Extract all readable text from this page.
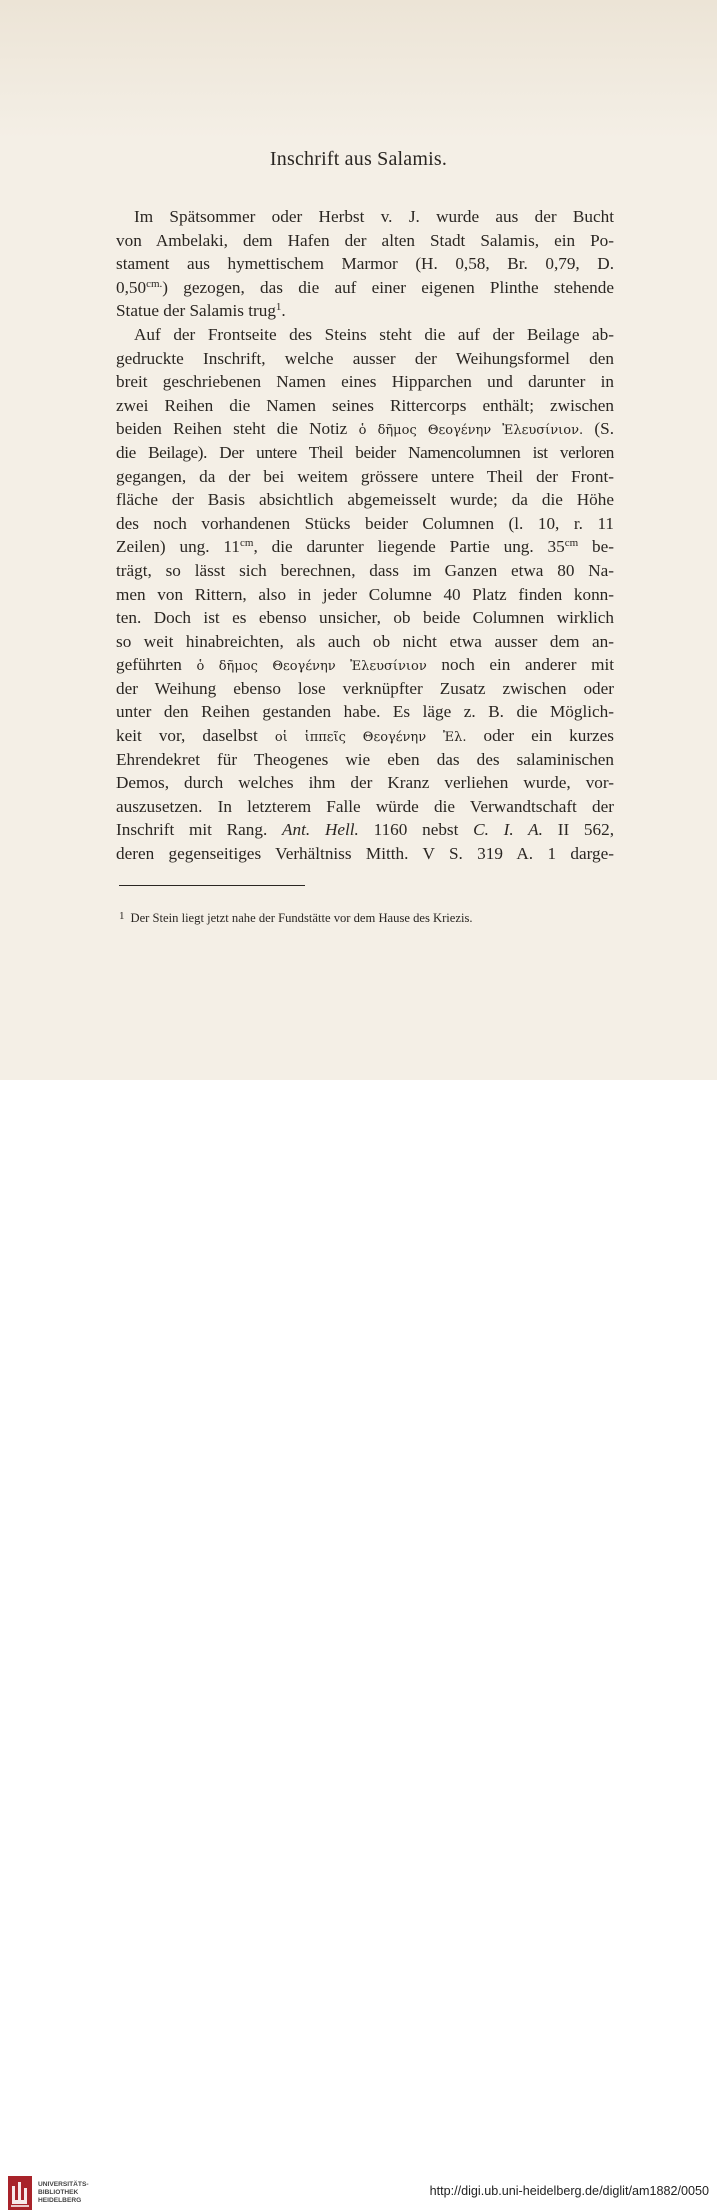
Inschrift aus Salamis.
Im Spätsommer oder Herbst v. J. wurde aus der Bucht
von Ambelaki, dem Hafen der alten Stadt Salamis, ein Po-
stament aus hymettischem Marmor (H. 0,58, Br. 0,79, D.
$0,50^{cm.}$) gezogen, das die auf einer eigenen Plinthe stehende
Statue der Salamis trug$^1$.
Auf der Frontseite des Steins steht die auf der Beilage ab-
gedruckte Inschrift, welche ausser der Weihungsformel den
breit geschriebenen Namen eines Hipparchen und darunter in
zwei Reihen die Namen seines Rittercorps enthält; zwischen
beiden Reihen steht die Notiz ὁ δῆμος Θεογένην Ἐλευσίνιον. (S.
die Beilage). Der untere Theil beider Namencolumnen ist verloren
gegangen, da der bei weitem grössere untere Theil der Front-
fläche der Basis absichtlich abgemeisselt wurde; da die Höhe
des noch vorhandenen Stücks beider Columnen (l. 10, r. 11
Zeilen) ung. $11^{cm}$, die darunter liegende Partie ung. $35^{cm}$ be-
trägt, so lässt sich berechnen, dass im Ganzen etwa 80 Na-
men von Rittern, also in jeder Columne 40 Platz finden konn-
ten. Doch ist es ebenso unsicher, ob beide Columnen wirklich
so weit hinabreichten, als auch ob nicht etwa ausser dem an-
geführten ὁ δῆμος Θεογένην Ἐλευσίνιον noch ein anderer mit
der Weihung ebenso lose verknüpfter Zusatz zwischen oder
unter den Reihen gestanden habe. Es läge z. B. die Möglich-
keit vor, daselbst οἱ ἱππεῖς Θεογένην Ἐλ. oder ein kurzes
Ehrendekret für Theogenes wie eben das des salaminischen
Demos, durch welches ihm der Kranz verliehen wurde, vor-
auszusetzen. In letzterem Falle würde die Verwandtschaft der
Inschrift mit Rang. Ant. Hell. 1160 nebst C. I. A. II 562,
deren gegenseitiges Verhältniss Mitth. V S. 319 A. 1 darge-
1 Der Stein liegt jetzt nahe der Fundstätte vor dem Hause des Kriezis.
UNIVERSITÄTS-
BIBLIOTHEK
HEIDELBERG
http://digi.ub.uni-heidelberg.de/diglit/am1882/0050
